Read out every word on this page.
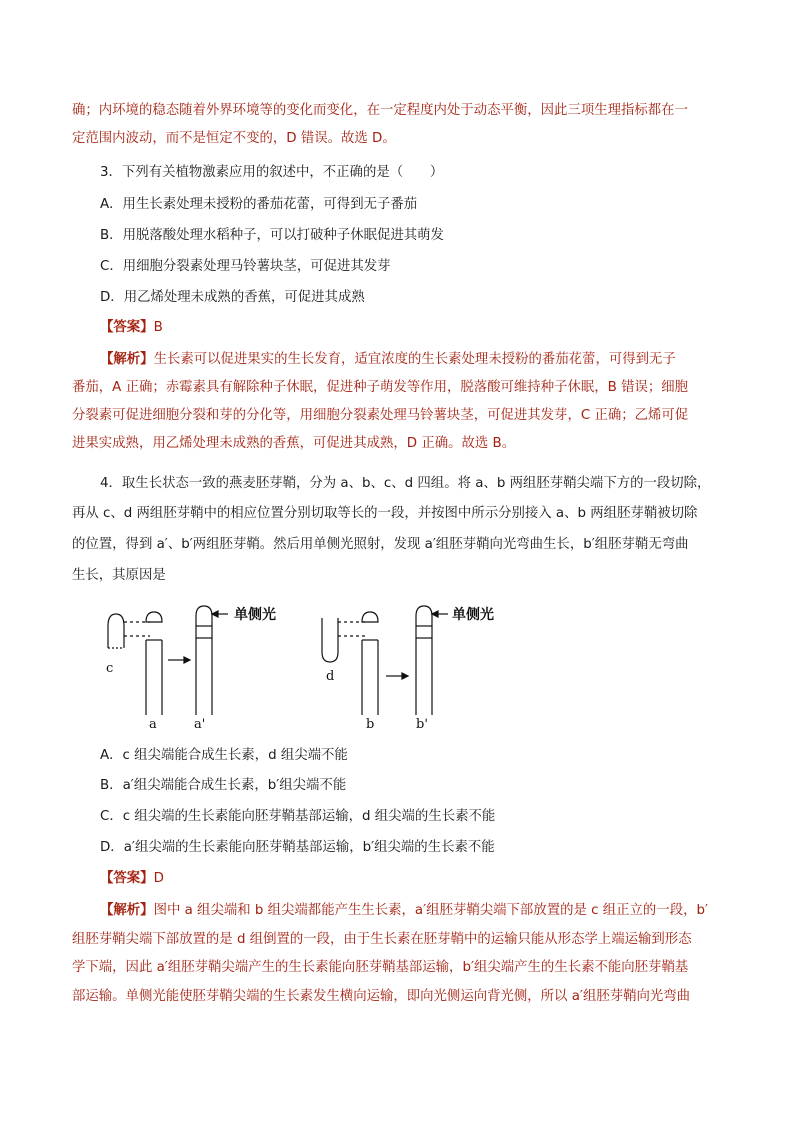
确；内环境的稳态随着外界环境等的变化而变化，在一定程度内处于动态平衡，因此三项生理指标都在一
定范围内波动，而不是恒定不变的，D 错误。故选 D。
3．下列有关植物激素应用的叙述中，不正确的是（　　）
A．用生长素处理未授粉的番茄花蕾，可得到无子番茄
B．用脱落酸处理水稻种子，可以打破种子休眠促进其萌发
C．用细胞分裂素处理马铃薯块茎，可促进其发芽
D．用乙烯处理未成熟的香蕉，可促进其成熟
【答案】B
【解析】生长素可以促进果实的生长发育，适宜浓度的生长素处理未授粉的番茄花蕾，可得到无子
番茄，A 正确；赤霉素具有解除种子休眠，促进种子萌发等作用，脱落酸可维持种子休眠，B 错误；细胞
分裂素可促进细胞分裂和芽的分化等，用细胞分裂素处理马铃薯块茎，可促进其发芽，C 正确；乙烯可促
进果实成熟，用乙烯处理未成熟的香蕉，可促进其成熟，D 正确。故选 B。
4．取生长状态一致的燕麦胚芽鞘，分为 a、b、c、d 四组。将 a、b 两组胚芽鞘尖端下方的一段切除，
再从 c、d 两组胚芽鞘中的相应位置分别切取等长的一段，并按图中所示分别接入 a、b 两组胚芽鞘被切除
的位置，得到 a′、b′两组胚芽鞘。然后用单侧光照射，发现 a′组胚芽鞘向光弯曲生长，b′组胚芽鞘无弯曲
生长，其原因是
单侧光	单侧光
c
a	a'
d
b	b'
A．c 组尖端能合成生长素，d 组尖端不能
B．a′组尖端能合成生长素，b′组尖端不能
C．c 组尖端的生长素能向胚芽鞘基部运输，d 组尖端的生长素不能
D．a′组尖端的生长素能向胚芽鞘基部运输，b′组尖端的生长素不能
【答案】D
【解析】图中 a 组尖端和 b 组尖端都能产生生长素，a′组胚芽鞘尖端下部放置的是 c 组正立的一段，b′
组胚芽鞘尖端下部放置的是 d 组倒置的一段，由于生长素在胚芽鞘中的运输只能从形态学上端运输到形态
学下端，因此 a′组胚芽鞘尖端产生的生长素能向胚芽鞘基部运输，b′组尖端产生的生长素不能向胚芽鞘基
部运输。单侧光能使胚芽鞘尖端的生长素发生横向运输，即向光侧运向背光侧，所以 a′组胚芽鞘向光弯曲
